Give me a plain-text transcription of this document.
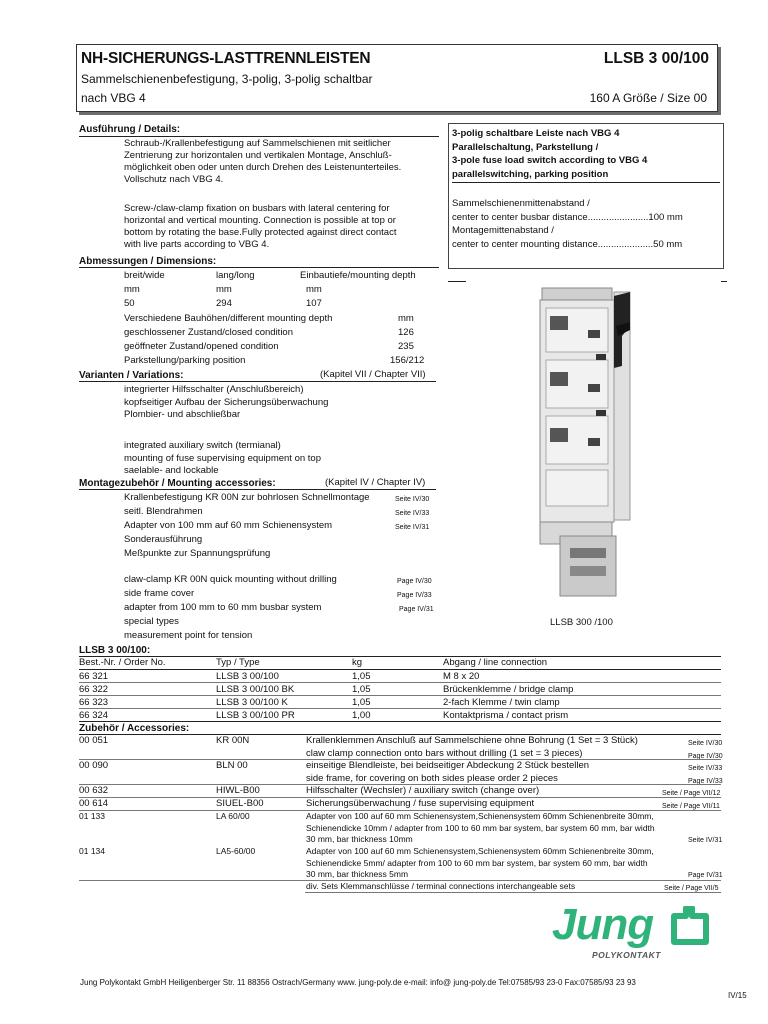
NH-SICHERUNGS-LASTTRENNLEISTEN	LLSB 3 00/100
Sammelschienenbefestigung, 3-polig, 3-polig schaltbar
nach VBG 4	160 A Größe / Size 00
Ausführung / Details:
Schraub-/Krallenbefestigung auf Sammelschienen mit seitlicher
Zentrierung zur horizontalen und vertikalen Montage, Anschluß-
möglichkeit oben oder unten durch Drehen des Leistenunterteiles.
Vollschutz nach VBG 4.
Screw-/claw-clamp fixation on busbars with lateral centering for
horizontal and vertical mounting. Connection is possible at top or
bottom by rotating the base.Fully protected against direct contact
with live parts according to VBG 4.
Abmessungen / Dimensions:
breit/wide	lang/long	Einbautiefe/mounting depth
mm	mm	mm
50	294	107
Verschiedene Bauhöhen/different mounting depth	mm
geschlossener Zustand/closed condition	126
geöffneter Zustand/opened condition	235
Parkstellung/parking position	156/212
Varianten / Variations:	(Kapitel VII / Chapter VII)
integrierter Hilfsschalter (Anschlußbereich)
kopfseitiger Aufbau der Sicherungsüberwachung
Plombier- und abschließbar
integrated auxiliary switch (termianal)
mounting of fuse supervising equipment on top
saelable- and lockable
Montagezubehör / Mounting accessories:	(Kapitel IV / Chapter IV)
Krallenbefestigung KR 00N zur bohrlosen Schnellmontage	Seite IV/30
seitl. Blendrahmen	Seite IV/33
Adapter von 100 mm auf 60 mm Schienensystem	Seite IV/31
Sonderausführung
Meßpunkte zur Spannungsprüfung
claw-clamp KR 00N quick mounting without drilling	Page IV/30
side frame cover	Page IV/33
adapter from 100 mm to 60 mm busbar system	Page IV/31
special types
measurement point for tension
3-polig schaltbare Leiste nach VBG 4
Parallelschaltung, Parkstellung /
3-pole fuse load switch according to VBG 4
parallelswitching, parking position
Sammelschienenmittenabstand /
center to center busbar distance.......................100 mm
Montagemittenabstand /
center to center mounting distance.....................50 mm
LLSB 300 /100
LLSB 3 00/100:
Best.-Nr. / Order No.	Typ / Type	kg	Abgang / line connection
66 321	LLSB 3 00/100	1,05	M 8 x 20
66 322	LLSB 3 00/100 BK	1,05	Brückenklemme / bridge clamp
66 323	LLSB 3 00/100 K	1,05	2-fach Klemme / twin clamp
66 324	LLSB 3 00/100 PR	1,00	Kontaktprisma / contact prism
Zubehör / Accessories:
00 051	KR 00N	Krallenklemmen Anschluß auf Sammelschiene ohne Bohrung (1 Set = 3 Stück)	Seite IV/30
claw clamp connection onto bars without drilling (1 set = 3 pieces)	Page IV/30
00 090	BLN 00	einseitige Blendleiste, bei beidseitiger Abdeckung 2 Stück bestellen	Seite IV/33
side frame, for covering on both sides please order 2 pieces	Page IV/33
00 632	HIWL-B00	Hilfsschalter (Wechsler) / auxiliary switch (change over)	Seite / Page VII/12
00 614	SIUEL-B00	Sicherungsüberwachung / fuse supervising equipment	Seite / Page VII/11
01 133	LA 60/00	Adapter von 100 auf 60 mm Schienensystem,Schienensystem 60mm Schienenbreite 30mm,
Schienendicke 10mm / adapter from 100 to 60 mm bar system, bar system 60 mm, bar width
30 mm, bar thickness 10mm	Seite IV/31
01 134	LA5-60/00	Adapter von 100 auf 60 mm Schienensystem,Schienensystem 60mm Schienenbreite 30mm,
Schienendicke 5mm/ adapter from 100 to 60 mm bar system, bar system 60 mm, bar width
30 mm, bar thickness 5mm	Page IV/31
div. Sets Klemmanschlüsse / terminal connections interchangeable sets	Seite / Page VII/5
Jung
POLYKONTAKT
Jung Polykontakt GmbH Heiligenberger Str. 11 88356 Ostrach/Germany www. jung-poly.de e-mail: info@ jung-poly.de Tel:07585/93 23-0 Fax:07585/93 23 93
IV/15
